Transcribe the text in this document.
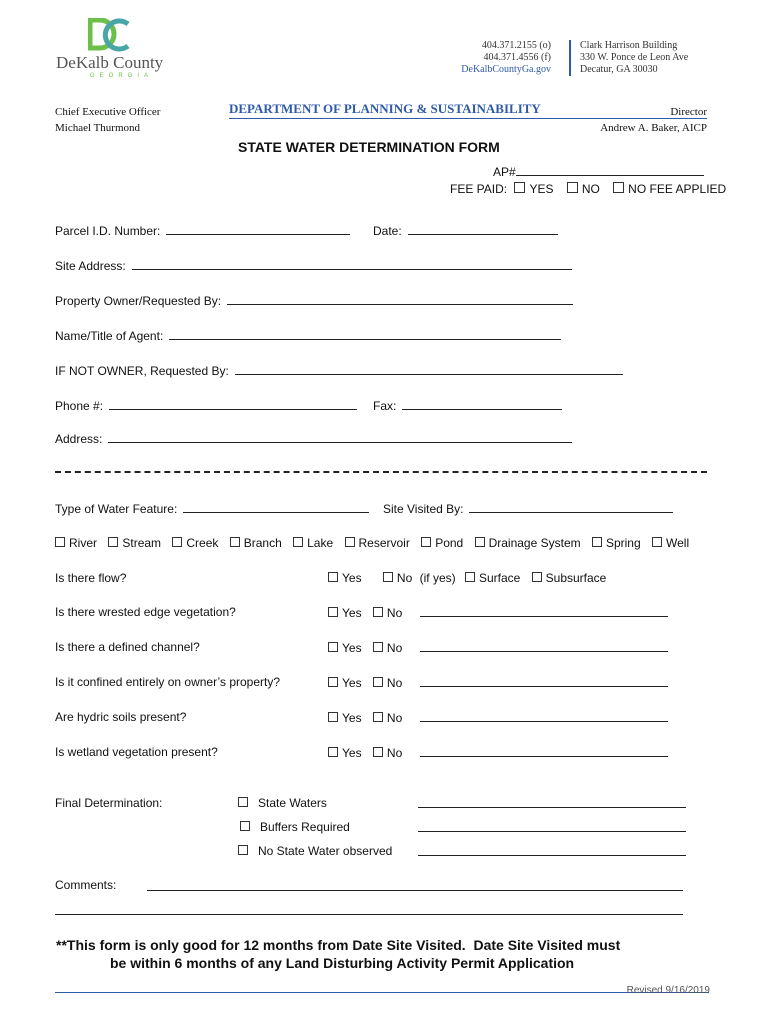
DeKalb County
GEORGIA
404.371.2155 (o)
404.371.4556 (f)
DeKalbCountyGa.gov
Clark Harrison Building
330 W. Ponce de Leon Ave
Decatur, GA 30030
Chief Executive Officer
Michael Thurmond
DEPARTMENT OF PLANNING & SUSTAINABILITY	Director
Andrew A. Baker, AICP
STATE WATER DETERMINATION FORM
AP#
FEE PAID: YES NO NO FEE APPLIED
Parcel I.D. Number:	Date:
Site Address:
Property Owner/Requested By:
Name/Title of Agent:
IF NOT OWNER, Requested By:
Phone #:	Fax:
Address:
Type of Water Feature:	Site Visited By:
River Stream Creek Branch Lake Reservoir Pond Drainage System Spring Well
Is there flow?	Yes	No (if yes) Surface Subsurface
Is there wrested edge vegetation?	Yes No
Is there a defined channel?	Yes No
Is it confined entirely on owner’s property?	Yes No
Are hydric soils present?	Yes No
Is wetland vegetation present?	Yes No
Final Determination:	State Waters
Buffers Required
No State Water observed
Comments:
**This form is only good for 12 months from Date Site Visited.  Date Site Visited must
be within 6 months of any Land Disturbing Activity Permit Application
Revised 9/16/2019
